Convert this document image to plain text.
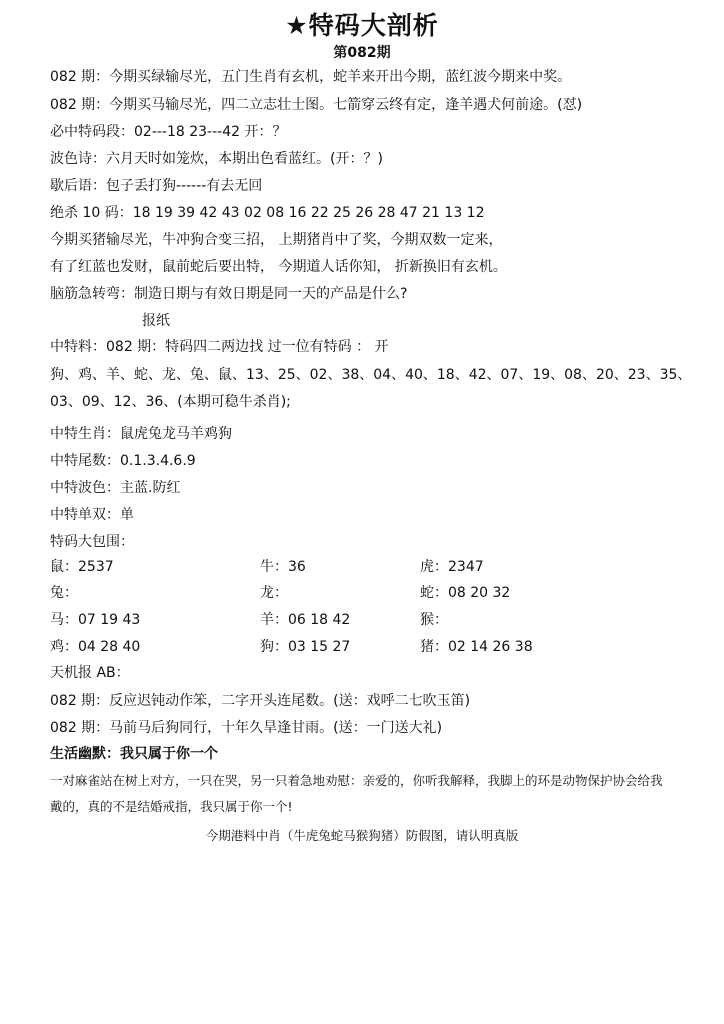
★特码大剖析
第082期
082 期：今期买绿输尽光，五门生肖有玄机，蛇羊来开出今期，蓝红波今期来中奖。
082 期：今期买马输尽光，四二立志壮士图。七箭穿云终有定，逢羊遇犬何前途。(怼)
必中特码段：02---18 23---42 开：？
波色诗：六月天时如笼炊，本期出色看蓝红。(开：？)
歇后语：包子丢打狗------有去无回
绝杀 10 码：18 19 39 42 43 02 08 16 22 25 26 28 47 21 13 12
今期买猪输尽光，牛冲狗合变三招， 上期猪肖中了奖，今期双数一定来，
有了红蓝也发财，鼠前蛇后要出特， 今期道人话你知， 折新换旧有玄机。
脑筋急转弯：制造日期与有效日期是同一天的产品是什么?
报纸
中特料：082 期：特码四二两边找 过一位有特码 ： 开
狗、鸡、羊、蛇、龙、兔、鼠、13、25、02、38、04、40、18、42、07、19、08、20、23、35、
03、09、12、36、(本期可稳牛杀肖);
中特生肖：鼠虎兔龙马羊鸡狗
中特尾数：0.1.3.4.6.9
中特波色：主蓝.防红
中特单双：单
特码大包围：
鼠：2537	牛：36	虎：2347
兔：	龙：	蛇：08 20 32
马：07 19 43	羊：06 18 42	猴：
鸡：04 28 40	狗：03 15 27	猪：02 14 26 38
天机报 AB：
082 期：反应迟钝动作笨，二字开头连尾数。(送：戏呼二七吹玉笛)
082 期：马前马后狗同行，十年久旱逢甘雨。(送：一门送大礼)
生活幽默：我只属于你一个
一对麻雀站在树上对方，一只在哭，另一只着急地劝慰：亲爱的，你听我解释，我脚上的环是动物保护协会给我
戴的，真的不是结婚戒指，我只属于你一个!
今期港料中肖（牛虎兔蛇马猴狗猪）防假图，请认明真版
